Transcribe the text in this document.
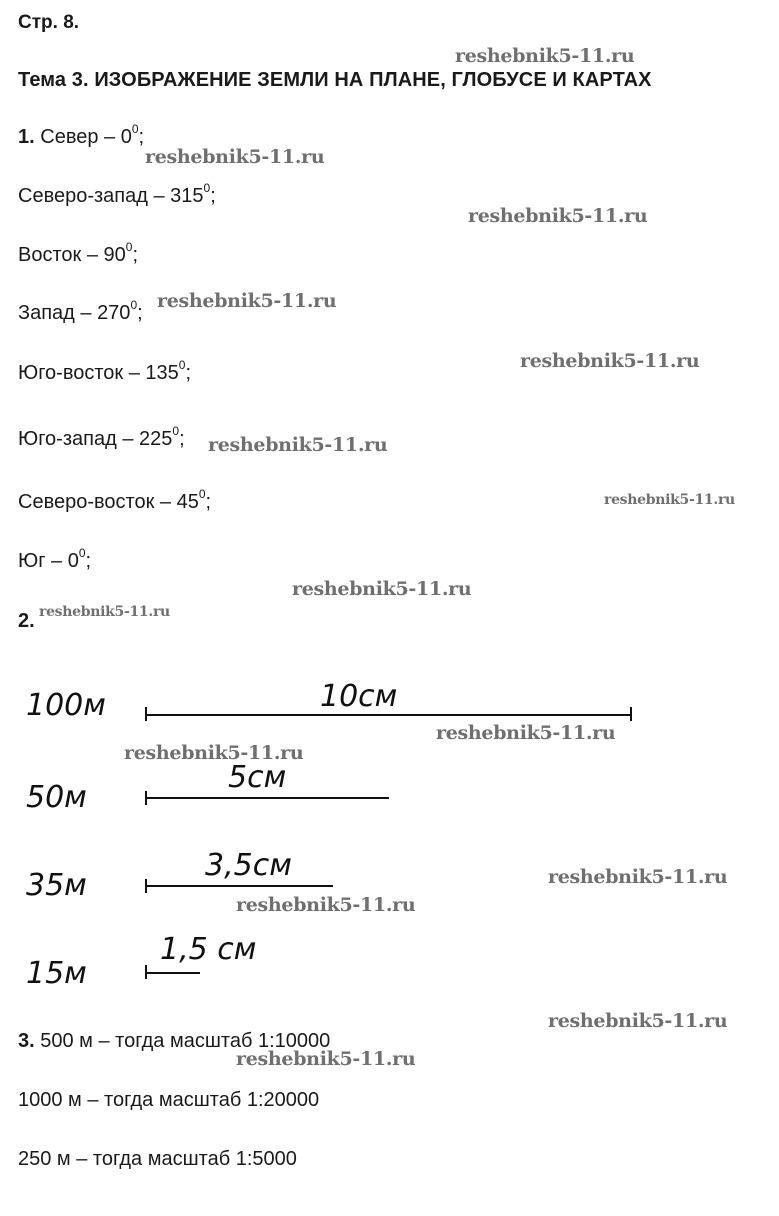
Стр. 8.
Тема 3. ИЗОБРАЖЕНИЕ ЗЕМЛИ НА ПЛАНЕ, ГЛОБУСЕ И КАРТАХ
1. Север – $0^0$;
Северо-запад – $315^0$;
Восток – $90^0$;
Запад – $270^0$;
Юго-восток – $135^0$;
Юго-запад – $225^0$;
Северо-восток – $45^0$;
Юг – $0^0$;
2.
100м	10см
50м
5см
35м
3,5см
15м
1,5 см
3. 500 м – тогда масштаб 1:10000
1000 м – тогда масштаб 1:20000
250 м – тогда масштаб 1:5000
reshebnik5-11.ru
reshebnik5-11.ru
reshebnik5-11.ru
reshebnik5-11.ru
reshebnik5-11.ru
reshebnik5-11.ru
reshebnik5-11.ru
reshebnik5-11.ru
reshebnik5-11.ru
reshebnik5-11.ru
reshebnik5-11.ru
reshebnik5-11.ru
reshebnik5-11.ru
reshebnik5-11.ru
reshebnik5-11.ru
